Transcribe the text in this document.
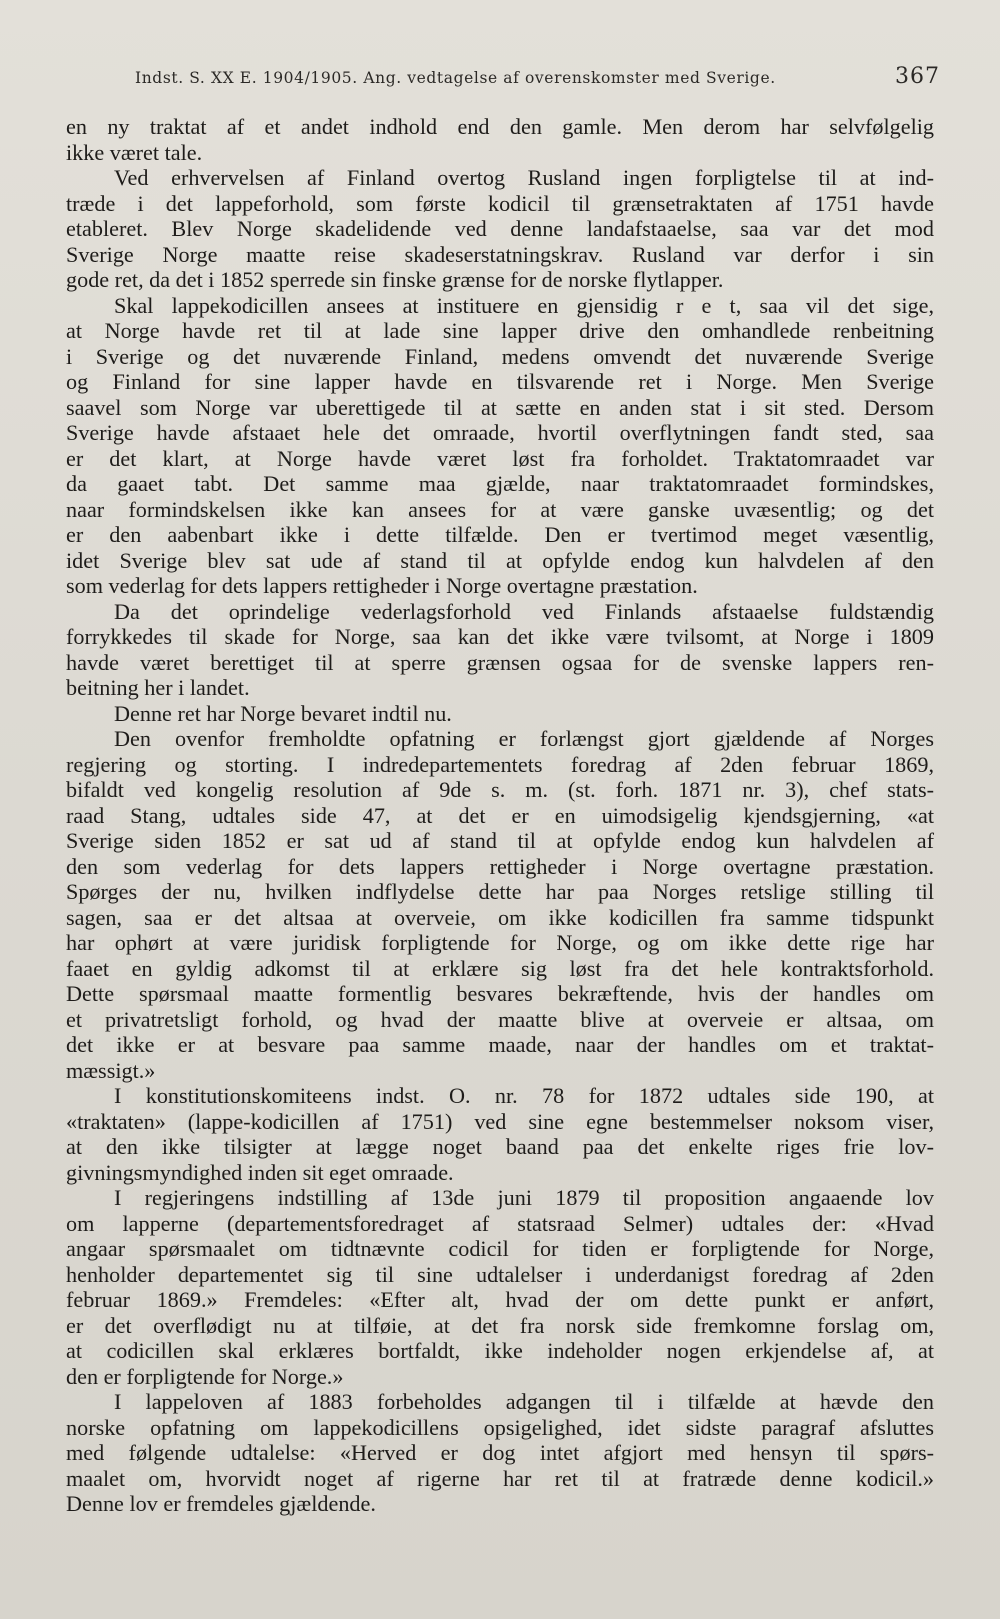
Indst. S. XX E. 1904/1905. Ang. vedtagelse af overenskomster med Sverige.	367
en ny traktat af et andet indhold end den gamle. Men derom har selvfølgelig
ikke været tale.
Ved erhvervelsen af Finland overtog Rusland ingen forpligtelse til at ind-
træde i det lappeforhold, som første kodicil til grænsetraktaten af 1751 havde
etableret. Blev Norge skadelidende ved denne landafstaaelse, saa var det mod
Sverige Norge maatte reise skadeserstatningskrav. Rusland var derfor i sin
gode ret, da det i 1852 sperrede sin finske grænse for de norske flytlapper.
Skal lappekodicillen ansees at instituere en gjensidig r e t, saa vil det sige,
at Norge havde ret til at lade sine lapper drive den omhandlede renbeitning
i Sverige og det nuværende Finland, medens omvendt det nuværende Sverige
og Finland for sine lapper havde en tilsvarende ret i Norge. Men Sverige
saavel som Norge var uberettigede til at sætte en anden stat i sit sted. Dersom
Sverige havde afstaaet hele det omraade, hvortil overflytningen fandt sted, saa
er det klart, at Norge havde været løst fra forholdet. Traktatomraadet var
da gaaet tabt. Det samme maa gjælde, naar traktatomraadet formindskes,
naar formindskelsen ikke kan ansees for at være ganske uvæsentlig; og det
er den aabenbart ikke i dette tilfælde. Den er tvertimod meget væsentlig,
idet Sverige blev sat ude af stand til at opfylde endog kun halvdelen af den
som vederlag for dets lappers rettigheder i Norge overtagne præstation.
Da det oprindelige vederlagsforhold ved Finlands afstaaelse fuldstændig
forrykkedes til skade for Norge, saa kan det ikke være tvilsomt, at Norge i 1809
havde været berettiget til at sperre grænsen ogsaa for de svenske lappers ren-
beitning her i landet.
Denne ret har Norge bevaret indtil nu.
Den ovenfor fremholdte opfatning er forlængst gjort gjældende af Norges
regjering og storting. I indredepartementets foredrag af 2den februar 1869,
bifaldt ved kongelig resolution af 9de s. m. (st. forh. 1871 nr. 3), chef stats-
raad Stang, udtales side 47, at det er en uimodsigelig kjendsgjerning, «at
Sverige siden 1852 er sat ud af stand til at opfylde endog kun halvdelen af
den som vederlag for dets lappers rettigheder i Norge overtagne præstation.
Spørges der nu, hvilken indflydelse dette har paa Norges retslige stilling til
sagen, saa er det altsaa at overveie, om ikke kodicillen fra samme tidspunkt
har ophørt at være juridisk forpligtende for Norge, og om ikke dette rige har
faaet en gyldig adkomst til at erklære sig løst fra det hele kontraktsforhold.
Dette spørsmaal maatte formentlig besvares bekræftende, hvis der handles om
et privatretsligt forhold, og hvad der maatte blive at overveie er altsaa, om
det ikke er at besvare paa samme maade, naar der handles om et traktat-
mæssigt.»
I konstitutionskomiteens indst. O. nr. 78 for 1872 udtales side 190, at
«traktaten» (lappe-kodicillen af 1751) ved sine egne bestemmelser noksom viser,
at den ikke tilsigter at lægge noget baand paa det enkelte riges frie lov-
givningsmyndighed inden sit eget omraade.
I regjeringens indstilling af 13de juni 1879 til proposition angaaende lov
om lapperne (departementsforedraget af statsraad Selmer) udtales der: «Hvad
angaar spørsmaalet om tidtnævnte codicil for tiden er forpligtende for Norge,
henholder departementet sig til sine udtalelser i underdanigst foredrag af 2den
februar 1869.» Fremdeles: «Efter alt, hvad der om dette punkt er anført,
er det overflødigt nu at tilføie, at det fra norsk side fremkomne forslag om,
at codicillen skal erklæres bortfaldt, ikke indeholder nogen erkjendelse af, at
den er forpligtende for Norge.»
I lappeloven af 1883 forbeholdes adgangen til i tilfælde at hævde den
norske opfatning om lappekodicillens opsigelighed, idet sidste paragraf afsluttes
med følgende udtalelse: «Herved er dog intet afgjort med hensyn til spørs-
maalet om, hvorvidt noget af rigerne har ret til at fratræde denne kodicil.»
Denne lov er fremdeles gjældende.
